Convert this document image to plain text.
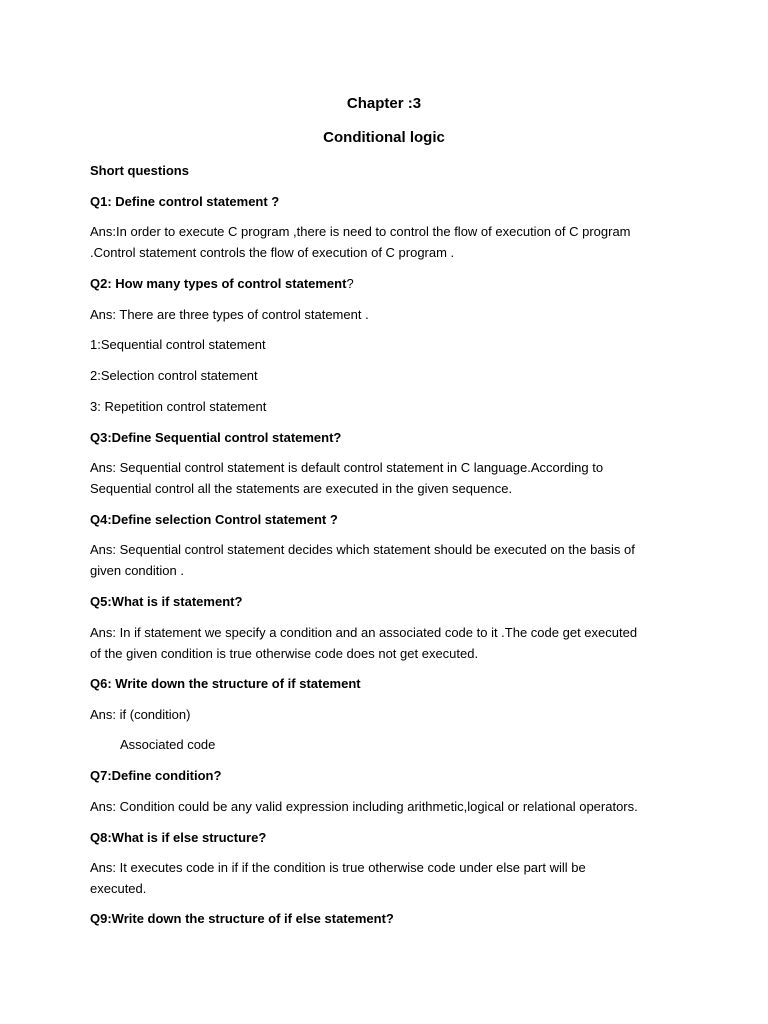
Chapter :3
Conditional logic
Short questions
Q1: Define control statement ?
Ans:In order to execute C program ,there is need to control the flow of execution of C program
.Control statement controls the flow of execution of C program .
Q2: How many types of control statement?
Ans: There are three types of control statement .
1:Sequential control statement
2:Selection control statement
3: Repetition control statement
Q3:Define Sequential control statement?
Ans: Sequential control statement is default control statement in C language.According to
Sequential control all the statements are executed in the given sequence.
Q4:Define selection Control statement ?
Ans: Sequential control statement decides which statement should be executed on the basis of
given condition .
Q5:What is if statement?
Ans: In if statement we specify a condition and an associated code to it .The code get executed
of the given condition is true otherwise code does not get executed.
Q6: Write down the structure of if statement
Ans: if (condition)
Associated code
Q7:Define condition?
Ans: Condition could be any valid expression including arithmetic,logical or relational operators.
Q8:What is if else structure?
Ans: It executes code in if if the condition is true otherwise code under else part will be
executed.
Q9:Write down the structure of if else statement?
